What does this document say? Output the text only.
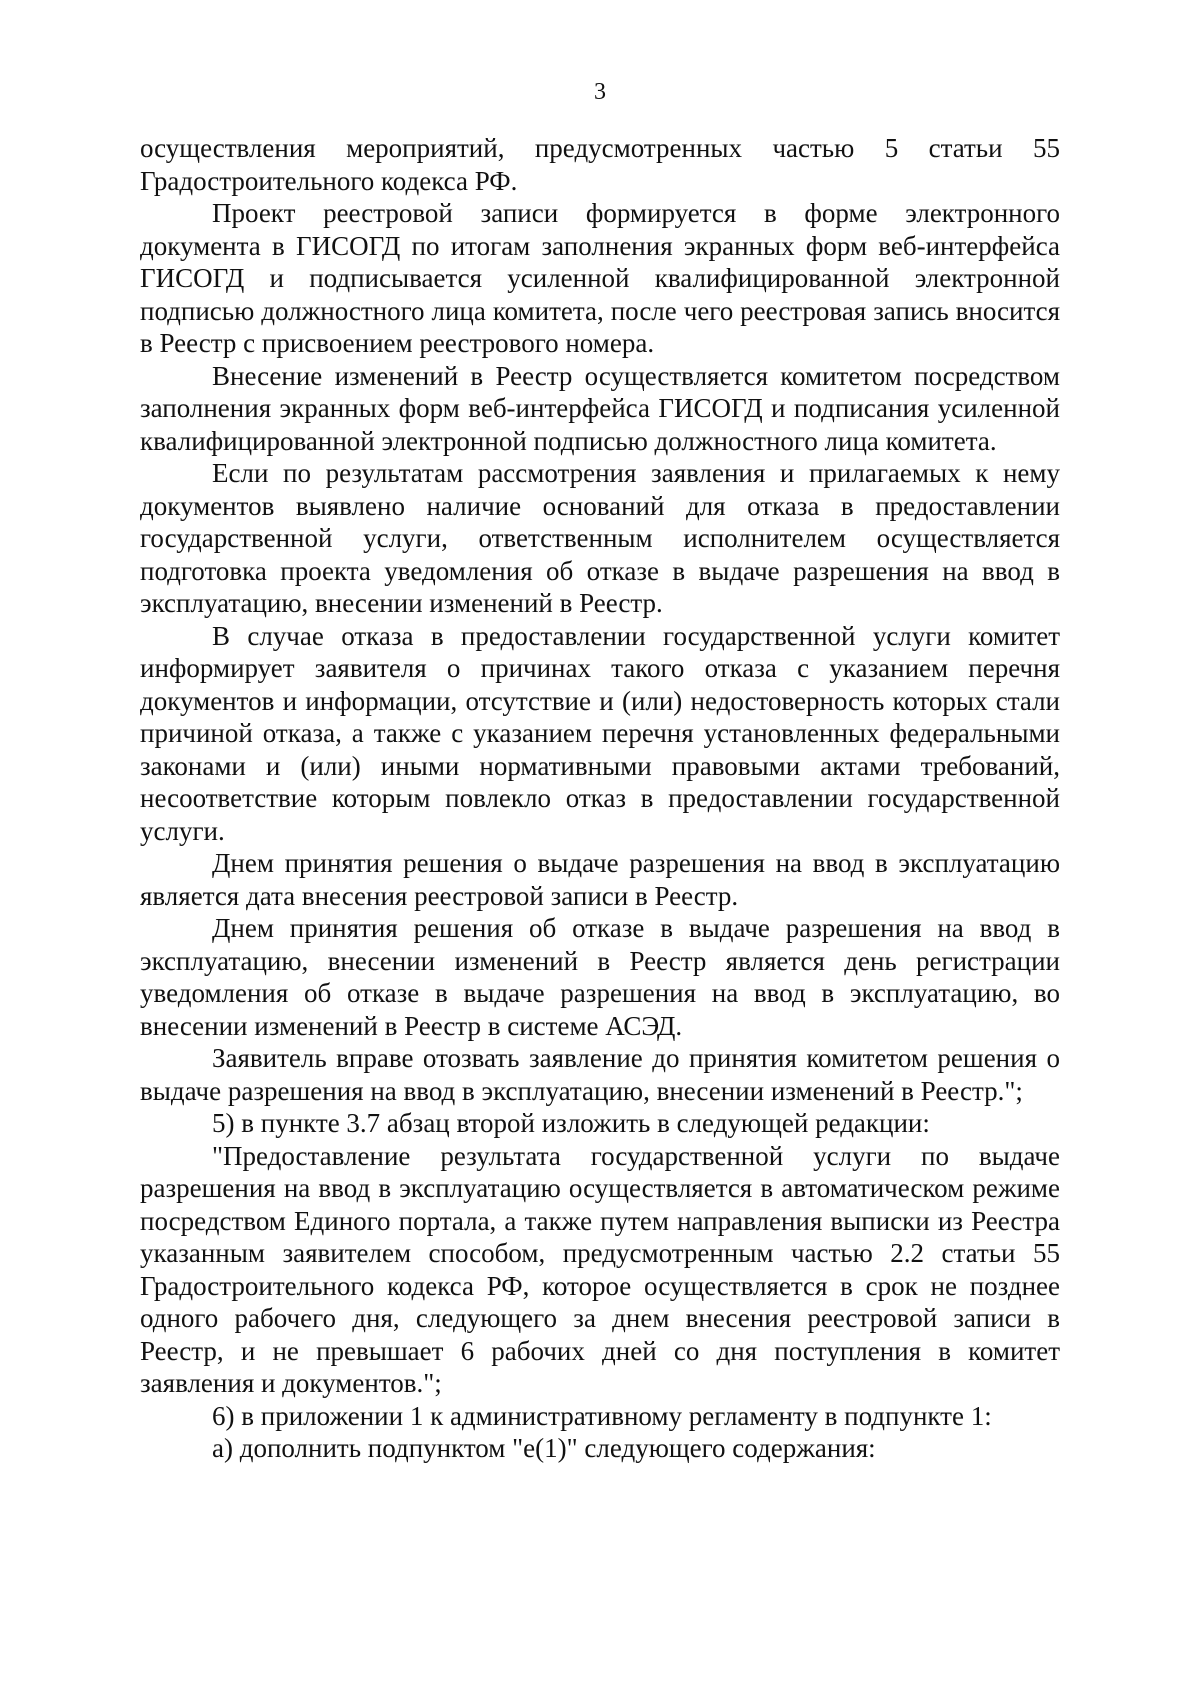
3

осуществления мероприятий, предусмотренных частью 5 статьи 55 Градостроительного кодекса РФ.

Проект реестровой записи формируется в форме электронного документа в ГИСОГД по итогам заполнения экранных форм веб-интерфейса ГИСОГД и подписывается усиленной квалифицированной электронной подписью должностного лица комитета, после чего реестровая запись вносится в Реестр с присвоением реестрового номера.

Внесение изменений в Реестр осуществляется комитетом посредством заполнения экранных форм веб-интерфейса ГИСОГД и подписания усиленной квалифицированной электронной подписью должностного лица комитета.

Если по результатам рассмотрения заявления и прилагаемых к нему документов выявлено наличие оснований для отказа в предоставлении государственной услуги, ответственным исполнителем осуществляется подготовка проекта уведомления об отказе в выдаче разрешения на ввод в эксплуатацию, внесении изменений в Реестр.

В случае отказа в предоставлении государственной услуги комитет информирует заявителя о причинах такого отказа с указанием перечня документов и информации, отсутствие и (или) недостоверность которых стали причиной отказа, а также с указанием перечня установленных федеральными законами и (или) иными нормативными правовыми актами требований, несоответствие которым повлекло отказ в предоставлении государственной услуги.

Днем принятия решения о выдаче разрешения на ввод в эксплуатацию является дата внесения реестровой записи в Реестр.

Днем принятия решения об отказе в выдаче разрешения на ввод в эксплуатацию, внесении изменений в Реестр является день регистрации уведомления об отказе в выдаче разрешения на ввод в эксплуатацию, во внесении изменений в Реестр в системе АСЭД.

Заявитель вправе отозвать заявление до принятия комитетом решения о выдаче разрешения на ввод в эксплуатацию, внесении изменений в Реестр.";

5) в пункте 3.7 абзац второй изложить в следующей редакции:

"Предоставление результата государственной услуги по выдаче разрешения на ввод в эксплуатацию осуществляется в автоматическом режиме посредством Единого портала, а также путем направления выписки из Реестра указанным заявителем способом, предусмотренным частью 2.2 статьи 55 Градостроительного кодекса РФ, которое осуществляется в срок не позднее одного рабочего дня, следующего за днем внесения реестровой записи в Реестр, и не превышает 6 рабочих дней со дня поступления в комитет заявления и документов.";

6) в приложении 1 к административному регламенту в подпункте 1:

а) дополнить подпунктом "е(1)" следующего содержания:
